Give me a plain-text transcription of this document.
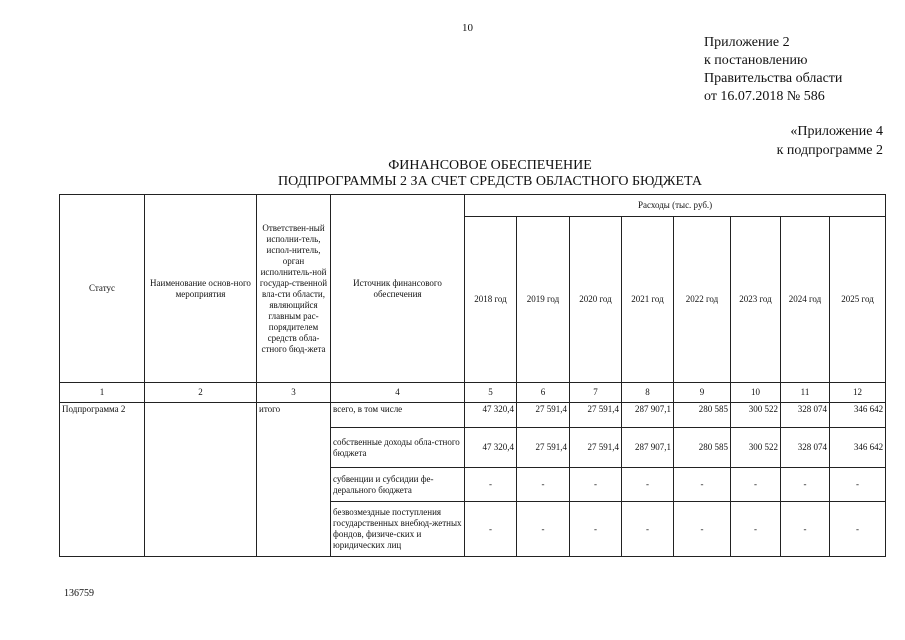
10
Приложение 2
к постановлению
Правительства области
от 16.07.2018 № 586
«Приложение 4
к подпрограмме 2
ФИНАНСОВОЕ ОБЕСПЕЧЕНИЕ
ПОДПРОГРАММЫ 2 ЗА СЧЕТ СРЕДСТВ ОБЛАСТНОГО БЮДЖЕТА
Статус	Наименование основ-ного мероприятия	Ответствен-ный исполни-тель, испол-нитель, орган исполнитель-ной государ-ственной вла-сти области, являющийся главным рас-порядителем средств обла-стного бюд-жета	Источник финансового обеспечения	Расходы (тыс. руб.)							
				2018 год	2019 год	2020 год	2021 год	2022 год	2023 год	2024 год	2025 год
1	2	3	4	5	6	7	8	9	10	11	12
Подпрограмма 2		итого	всего, в том числе	47 320,4	27 591,4	27 591,4	287 907,1	280 585	300 522	328 074	346 642
			собственные доходы обла-стного бюджета	47 320,4	27 591,4	27 591,4	287 907,1	280 585	300 522	328 074	346 642
			субвенции и субсидии фе-дерального бюджета	-	-	-	-	-	-	-	-
			безвозмездные поступления государственных внебюд-жетных фондов, физиче-ских и юридических лиц	-	-	-	-	-	-	-	-
136759
